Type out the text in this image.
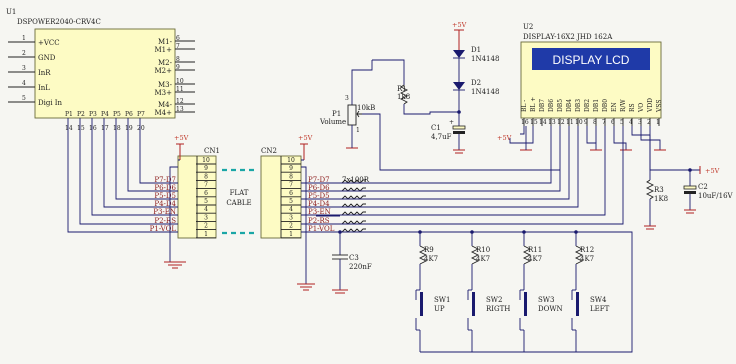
U1
DSPOWER2040-CRV4C
1
+VCC
2
GND
3
InR
4
InL
5
Digi In
6
M1-
7
M1+
8
M2-
9
M2+
10
M3-
11
M3+
12
M4-
13
M4+
P1
14
P2
15
P3
16
P4
17
P5
18
P6
19
P7
20
CN1
10
9
8
7
6
5
4
3
2
1
CN2
10
9
8
7
6
5
4
3
2
1
FLAT
CABLE
P7-D7
P6-D6
P5-D5
P4-D4
P3-EN
P2-RS
P1-VOL
P7-D7
P6-D6
P5-D5
P4-D4
P3-EN
P2-RS
P1-VOL
+5V	+5V
7x100R
C3
220nF
P1
Volume
10kB
3
1
R1
1k8
+5V
D1
1N4148
D2
1N4148
+
C1
4,7uF
U2
DISPLAY-16X2 JHD 162A
DISPLAY LCD
BL -
16
BL +
15
DB7
14
DB6
13
DB5
12
DB4
11
DB3
10
DB2
9
DB1
8
DB0
7
EN
6
R/W
5
RS
4
VO
3
VDD
2
VSS
1
+5V
+5V
R3
1K8
C2
10uF/16V
R9
4K7
SW1
UP
R10
4K7
SW2
RIGTH
R11
4K7
SW3
DOWN
R12
4K7
SW4
LEFT
